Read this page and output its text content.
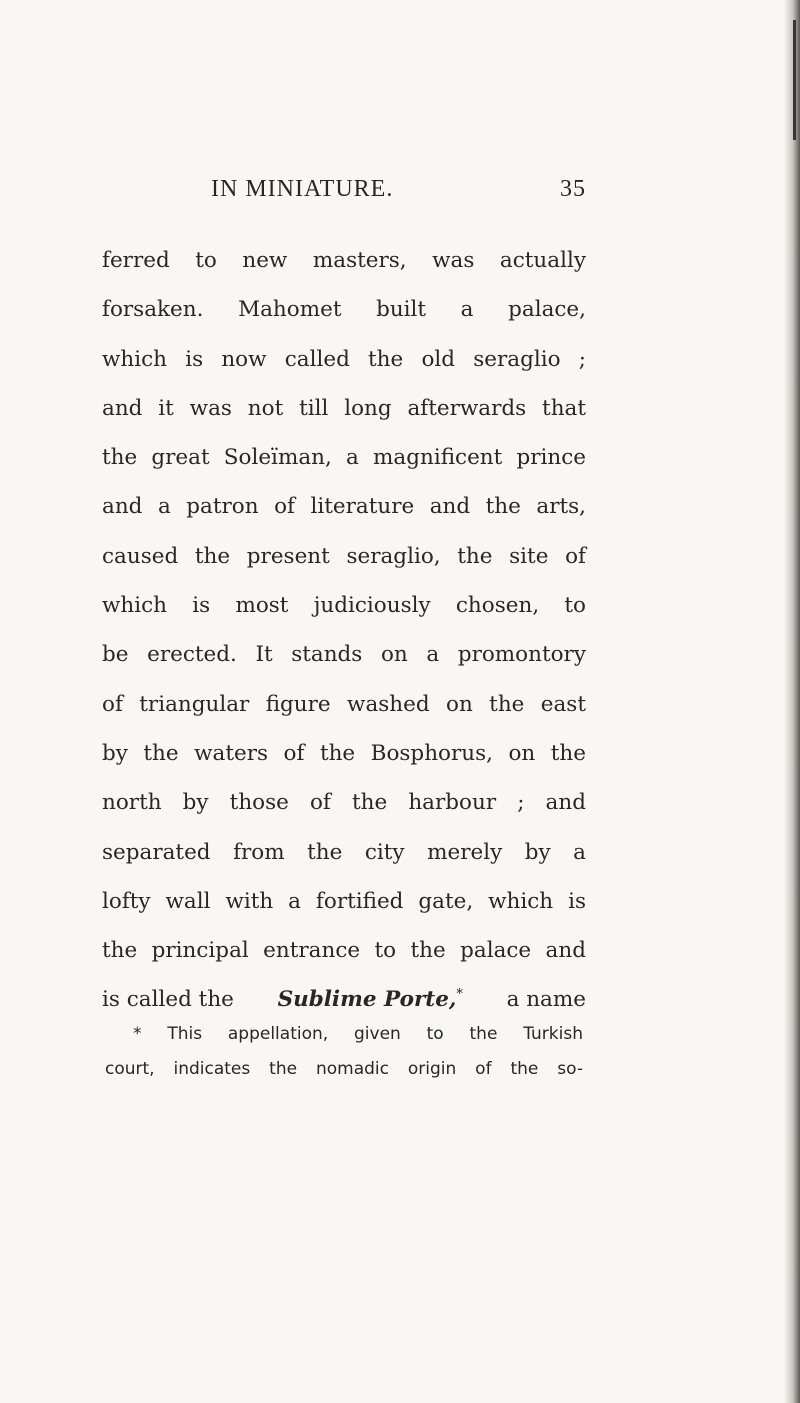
IN MINIATURE.	35
ferred to new masters, was actually
forsaken. Mahomet built a palace,
which is now called the old seraglio ;
and it was not till long afterwards that
the great Soleïman, a magnificent prince
and a patron of literature and the arts,
caused the present seraglio, the site of
which is most judiciously chosen, to
be erected. It stands on a promontory
of triangular figure washed on the east
by the waters of the Bosphorus, on the
north by those of the harbour ; and
separated from the city merely by a
lofty wall with a fortified gate, which is
the principal entrance to the palace and
is called the Sublime Porte,* a name
* This appellation, given to the Turkish
court, indicates the nomadic origin of the so-
